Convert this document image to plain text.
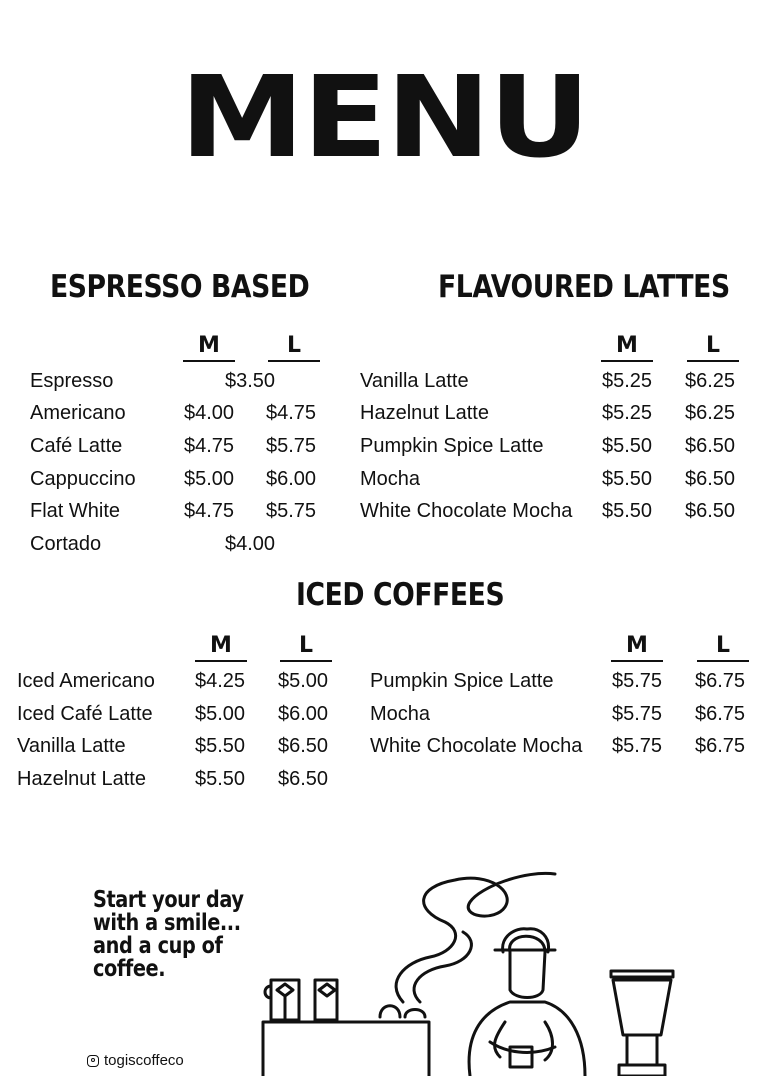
MENU
ESPRESSO BASED
M	L
Espresso	$3.50
Americano	$4.00 $4.75
Café Latte	$4.75 $5.75
Cappuccino $5.00 $6.00
Flat White	$4.75 $5.75
Cortado	$4.00
FLAVOURED LATTES
M	L
Vanilla Latte	$5.25 $6.25
Hazelnut Latte	$5.25 $6.25
Pumpkin Spice Latte	$5.50 $6.50
Mocha	$5.50 $6.50
White Chocolate Mocha $5.50 $6.50
ICED COFFEES
M	L	M	L
Iced Americano $4.25 $5.00
Iced Café Latte $5.00 $6.00
Vanilla Latte	$5.50 $6.50
Hazelnut Latte $5.50 $6.50
Pumpkin Spice Latte	$5.75 $6.75
Mocha	$5.75 $6.75
White Chocolate Mocha $5.75 $6.75
Start your day
with a smile...
and a cup of
coffee.
togiscoffeco
